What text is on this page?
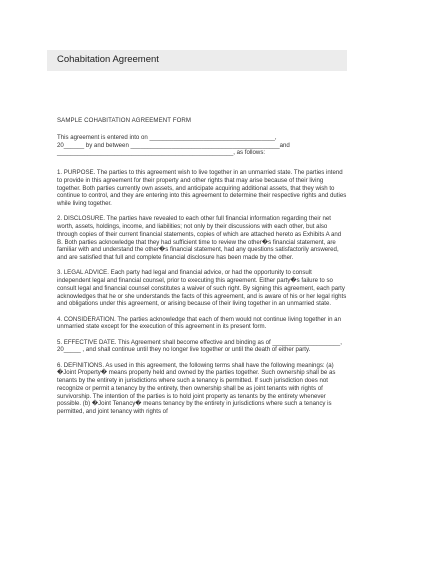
Cohabitation Agreement
SAMPLE COHABITATION AGREEMENT FORM
This agreement is entered into on _____________________________________,
20______ by and between ____________________________________________and
____________________________________________________, as follows:

1. PURPOSE. The parties to this agreement wish to live together in an unmarried state. The parties intend to provide in this agreement for their property and other rights that may arise because of their living together. Both parties currently own assets, and anticipate acquiring additional assets, that they wish to continue to control, and they are entering into this agreement to determine their respective rights and duties while living together.

2. DISCLOSURE. The parties have revealed to each other full financial information regarding their net worth, assets, holdings, income, and liabilities; not only by their discussions with each other, but also through copies of their current financial statements, copies of which are attached hereto as Exhibits A and B. Both parties acknowledge that they had sufficient time to review the other�s financial statement, are familiar with and understand the other�s financial statement, had any questions satisfactorily answered, and are satisfied that full and complete financial disclosure has been made by the other.

3. LEGAL ADVICE. Each party had legal and financial advice, or had the opportunity to consult independent legal and financial counsel, prior to executing this agreement. Either party�s failure to so consult legal and financial counsel constitutes a waiver of such right. By signing this agreement, each party acknowledges that he or she understands the facts of this agreement, and is aware of his or her legal rights and obligations under this agreement, or arising because of their living together in an unmarried state.

4. CONSIDERATION. The parties acknowledge that each of them would not continue living together in an unmarried state except for the execution of this agreement in its present form.

5. EFFECTIVE DATE. This Agreement shall become effective and binding as of ____________________, 20_____ , and shall continue until they no longer live together or until the death of either party.

6. DEFINITIONS. As used in this agreement, the following terms shall have the following meanings: (a) �Joint Property� means property held and owned by the parties together. Such ownership shall be as tenants by the entirety in jurisdictions where such a tenancy is permitted. If such jurisdiction does not recognize or permit a tenancy by the entirety, then ownership shall be as joint tenants with rights of survivorship. The intention of the parties is to hold joint property as tenants by the entirety whenever possible. (b) �Joint Tenancy� means tenancy by the entirety in jurisdictions where such a tenancy is permitted, and joint tenancy with rights of
